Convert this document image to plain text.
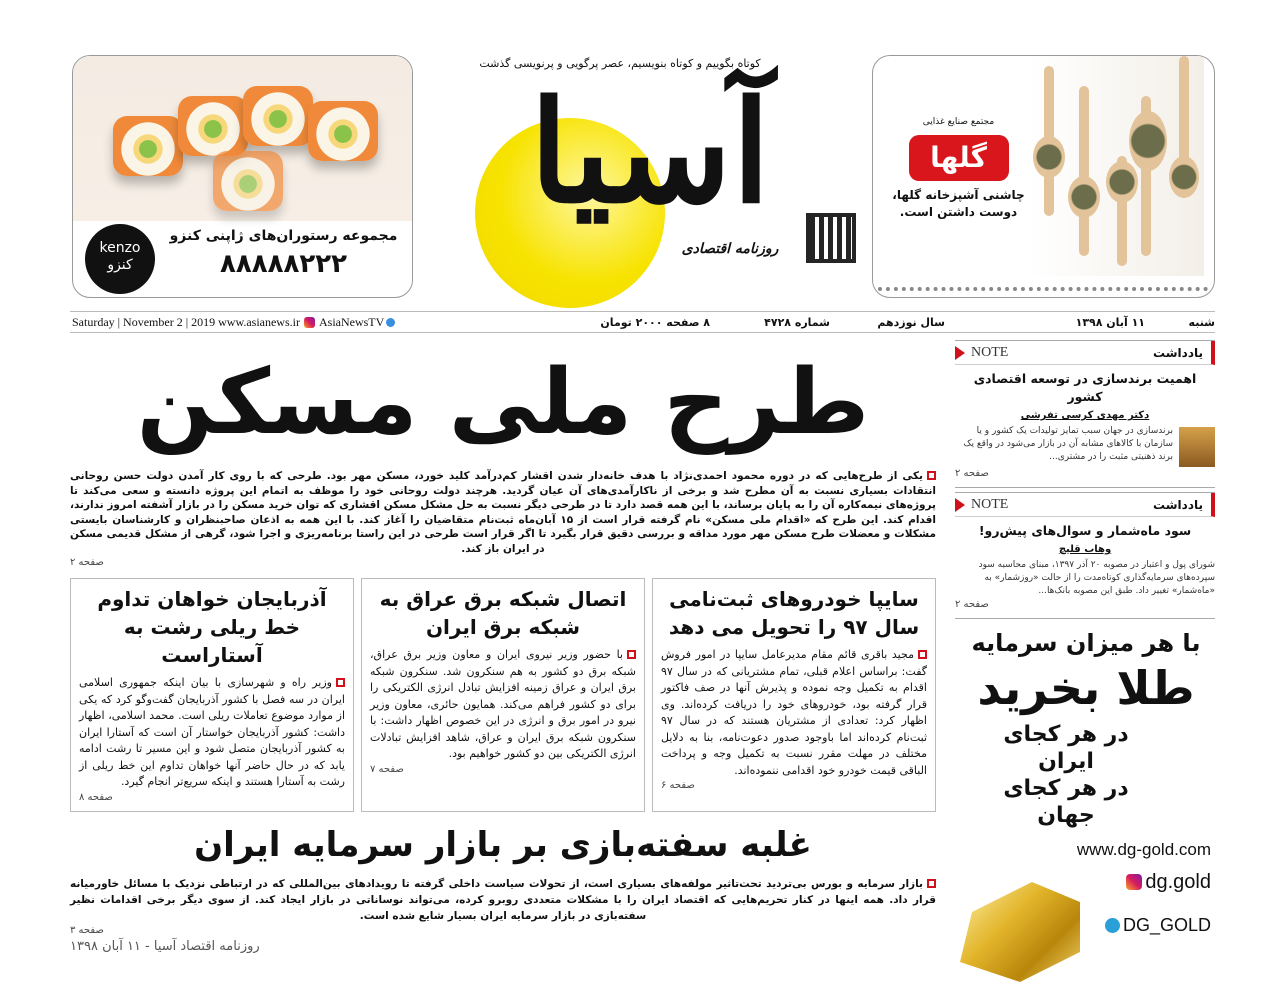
kenzo کنزو
مجموعه رستوران‌های ژاپنی کنزو
۸۸۸۸۸۲۲۲
مجتمع صنایع غذایی
گلها
چاشنی آشپزخانه گلها،
دوست داشتن است.
کوتاه بگوییم و کوتاه بنویسیم، عصر پرگویی و پرنویسی گذشت
آسیا
روزنامه اقتصادی
Saturday | November 2 | 2019 www.asianews.ir AsiaNewsTV	شنبه
۱۱ آبان ۱۳۹۸
سال نوزدهم
شماره ۴۷۲۸
۸ صفحه ۲۰۰۰ تومان
طرح ملی مسکن
یکی از طرح‌هایی که در دوره محمود احمدی‌نژاد با هدف خانه‌دار شدن اقشار کم‌درآمد کلید خورد، مسکن مهر بود. طرحی که با روی کار آمدن دولت حسن روحانی انتقادات بسیاری نسبت به آن مطرح شد و برخی از ناکارآمدی‌های آن عیان گردید. هرچند دولت روحانی خود را موظف به اتمام این پروژه دانسته و سعی می‌کند تا پروژه‌های نیمه‌کاره آن را به پایان برساند، با این همه قصد دارد تا در طرحی دیگر نسبت به حل مشکل مسکن اقشاری که توان خرید مسکن را در بازار آشفته امروز ندارند، اقدام کند. این طرح که «اقدام ملی مسکن» نام گرفته قرار است از ۱۵ آبان‌ماه ثبت‌نام متقاضیان را آغاز کند. با این همه به اذعان صاحبنظران و کارشناسان بایستی مشکلات و معضلات طرح مسکن مهر مورد مداقه و بررسی دقیق قرار بگیرد تا اگر قرار است طرحی در این راستا برنامه‌ریزی و اجرا شود، گرهی از مشکل قدیمی مسکن در ایران باز کند.
صفحه ۲
سایپا خودروهای ثبت‌نامی سال ۹۷ را تحویل می دهد

مجید باقری قائم مقام مدیرعامل سایپا در امور فروش گفت: براساس اعلام قبلی، تمام مشتریانی که در سال ۹۷ اقدام به تکمیل وجه نموده و پذیرش آنها در صف فاکتور قرار گرفته بود، خودروهای خود را دریافت کرده‌اند. وی اظهار کرد: تعدادی از مشتریان هستند که در سال ۹۷ ثبت‌نام کرده‌اند اما باوجود صدور دعوت‌نامه، بنا به دلایل مختلف در مهلت مقرر نسبت به تکمیل وجه و پرداخت الباقی قیمت خودرو خود اقدامی ننموده‌اند.

صفحه ۶
اتصال شبکه برق عراق به شبکه برق ایران

با حضور وزیر نیروی ایران و معاون وزیر برق عراق، شبکه برق دو کشور به هم سنکرون شد. سنکرون شبکه برق ایران و عراق زمینه افزایش تبادل انرژی الکتریکی را برای دو کشور فراهم می‌کند. همایون حائری، معاون وزیر نیرو در امور برق و انرژی در این خصوص اظهار داشت: با سنکرون شبکه برق ایران و عراق، شاهد افزایش تبادلات انرژی الکتریکی بین دو کشور خواهیم بود.

صفحه ۷
آذربایجان خواهان تداوم خط ریلی رشت به آستاراست

وزیر راه و شهرسازی با بیان اینکه جمهوری اسلامی ایران در سه فصل با کشور آذربایجان گفت‌وگو کرد که یکی از موارد موضوع تعاملات ریلی است. محمد اسلامی، اظهار داشت: کشور آذربایجان خواستار آن است که آستارا ایران به کشور آذربایجان متصل شود و این مسیر تا رشت ادامه یابد که در حال حاضر آنها خواهان تداوم این خط ریلی از رشت به آستارا هستند و اینکه سریع‌تر انجام گیرد.

صفحه ۸
غلبه سفته‌بازی بر بازار سرمایه ایران
بازار سرمایه و بورس بی‌تردید تحت‌تاثیر مولفه‌های بسیاری است، از تحولات سیاست داخلی گرفته تا رویدادهای بین‌المللی که در ارتباطی نزدیک با مسائل خاورمیانه قرار داد. همه اینها در کنار تحریم‌هایی که اقتصاد ایران را با مشکلات متعددی روبرو کرده، می‌تواند نوساناتی در بازار ایجاد کند. از سوی دیگر برخی اقدامات نظیر سفته‌بازی در بازار سرمایه ایران بسیار شایع شده است.
صفحه ۳
روزنامه اقتصاد آسیا - ۱۱ آبان ۱۳۹۸
یادداشت
NOTE
اهمیت برندسازی در توسعه اقتصادی کشور
دکتر مهدی کرسی تفرشی

برندسازی در جهان سبب تمایز تولیدات یک کشور و یا سازمان با کالاهای مشابه آن در بازار می‌شود در واقع یک برند ذهنیتی مثبت را در مشتری...

صفحه ۲
یادداشت
NOTE
سود ماه‌شمار و سوال‌های پیش‌رو!
وهاب قلیچ

شورای پول و اعتبار در مصوبه ۲۰ آذر ۱۳۹۷، مبنای محاسبه سود سپرده‌های سرمایه‌گذاری کوتاه‌مدت را از حالت «روزشمار» به «ماه‌شمار» تغییر داد. طبق این مصوبه بانک‌ها...

صفحه ۲
با هر میزان سرمایه
طلا بخرید
در هر کجای
ایران
در هر کجای
جهان
www.dg-gold.com
dg.gold
DG_GOLD
